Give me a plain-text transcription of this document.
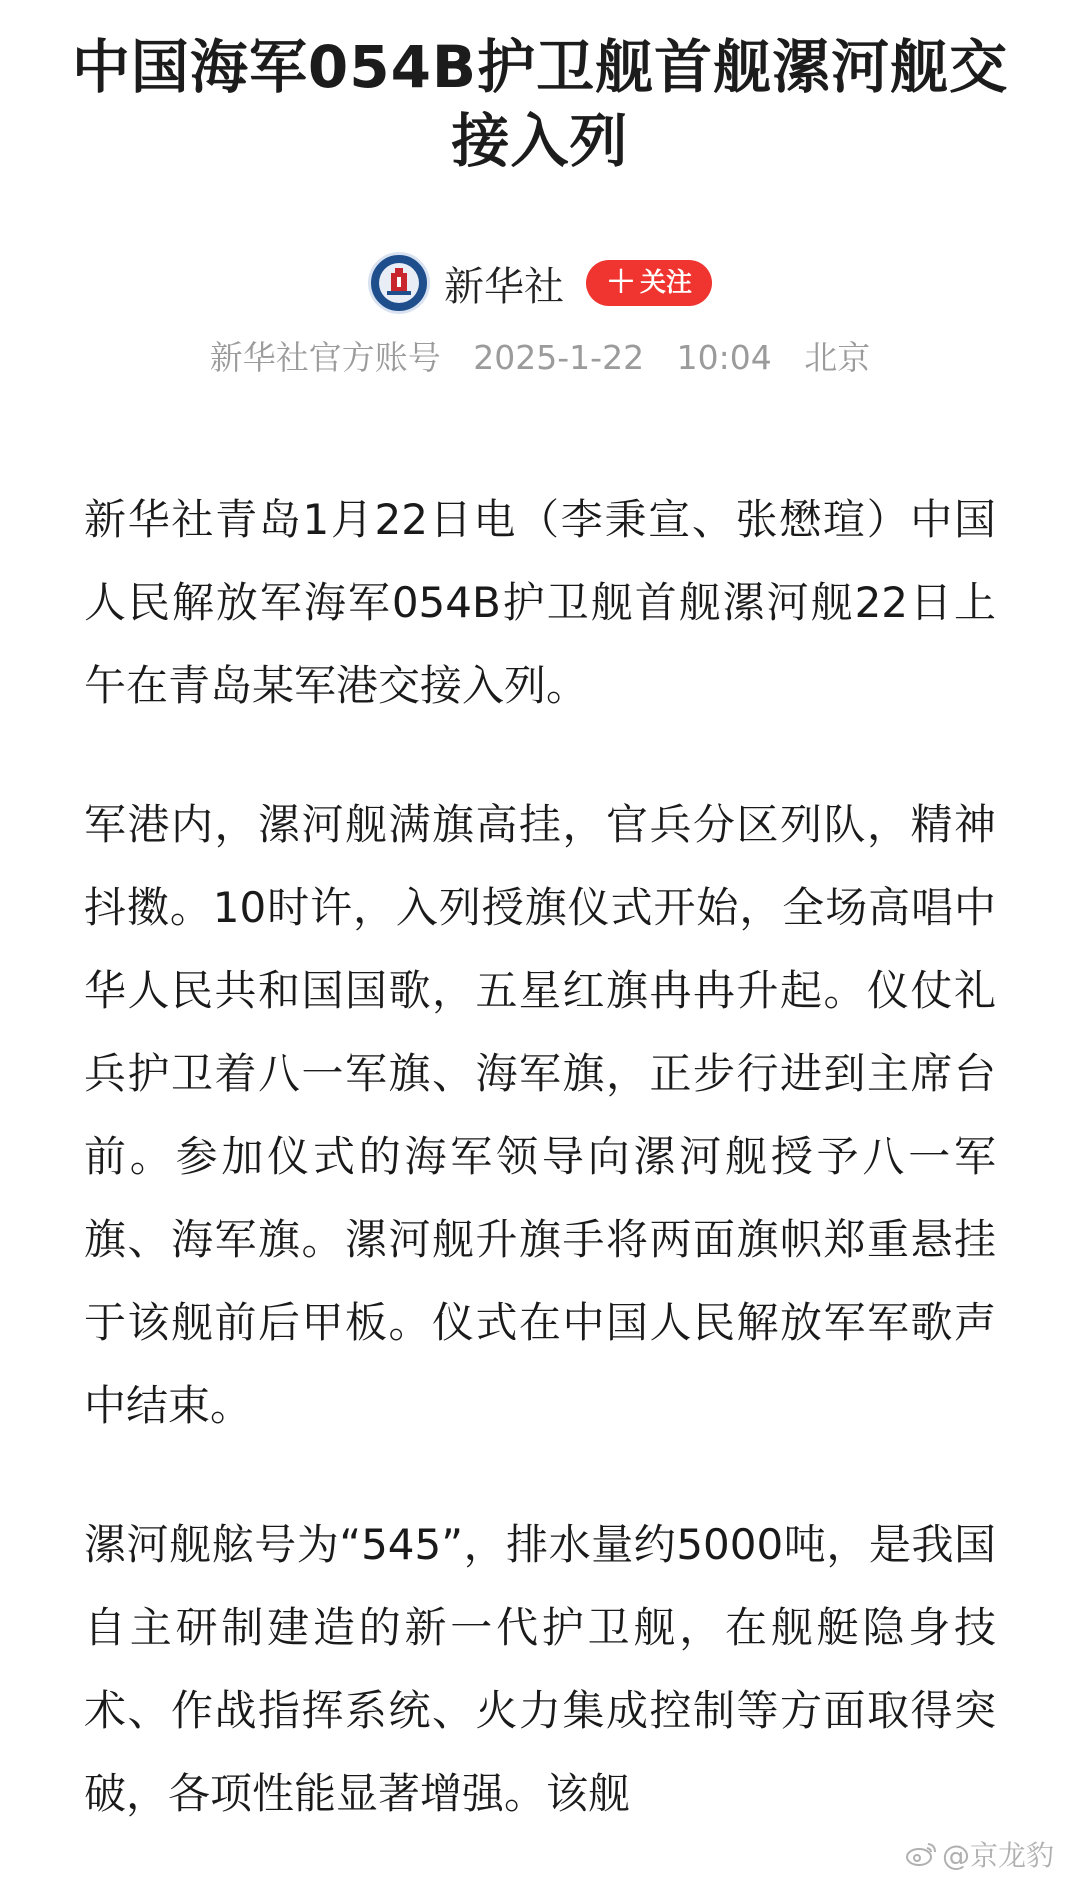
中国海军054B护卫舰首舰漯河舰交接入列
新华社 ＋ 关注
新华社官方账号 2025-1-22 10:04 北京

新华社青岛1月22日电（李秉宣、张懋瑄）中国人民解放军海军054B护卫舰首舰漯河舰22日上午在青岛某军港交接入列。

军港内，漯河舰满旗高挂，官兵分区列队，精神抖擞。10时许，入列授旗仪式开始，全场高唱中华人民共和国国歌，五星红旗冉冉升起。仪仗礼兵护卫着八一军旗、海军旗，正步行进到主席台前。参加仪式的海军领导向漯河舰授予八一军旗、海军旗。漯河舰升旗手将两面旗帜郑重悬挂于该舰前后甲板。仪式在中国人民解放军军歌声中结束。

漯河舰舷号为“545”，排水量约5000吨，是我国自主研制建造的新一代护卫舰，在舰艇隐身技术、作战指挥系统、火力集成控制等方面取得突破，各项性能显著增强。该舰

@京龙豹
